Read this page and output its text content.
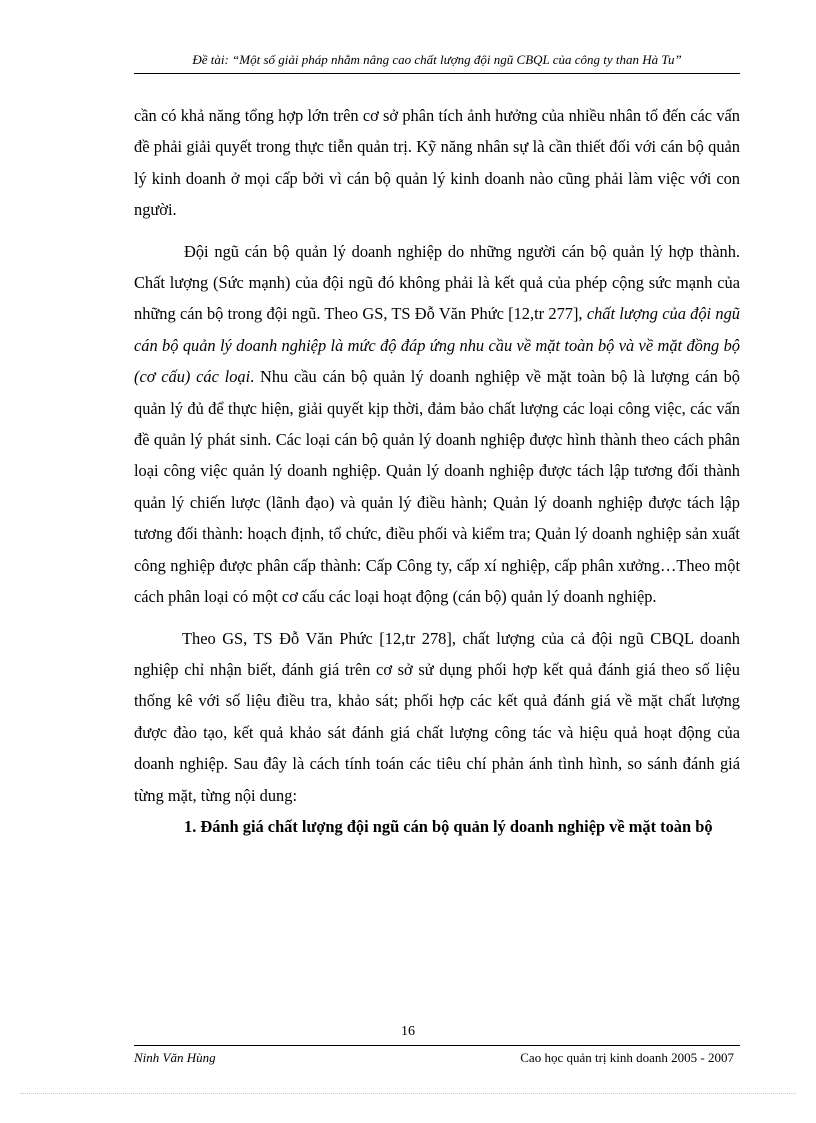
Đề tài: “Một số giải pháp nhằm nâng cao chất lượng đội ngũ CBQL của công ty than Hà Tu”

cần có khả năng tổng hợp lớn trên cơ sở phân tích ảnh hưởng của nhiều nhân tố đến các vấn đề phải giải quyết trong thực tiễn quản trị. Kỹ năng nhân sự là cần thiết đối với cán bộ quản lý kinh doanh ở mọi cấp bởi vì cán bộ quản lý kinh doanh nào cũng phải làm việc với con người.

Đội ngũ cán bộ quản lý doanh nghiệp do những người cán bộ quản lý hợp thành. Chất lượng (Sức mạnh) của đội ngũ đó không phải là kết quả của phép cộng sức mạnh của những cán bộ trong đội ngũ. Theo GS, TS Đỗ Văn Phức [12,tr 277], chất lượng của đội ngũ cán bộ quản lý doanh nghiệp là mức độ đáp ứng nhu cầu về mặt toàn bộ và về mặt đồng bộ (cơ cấu) các loại. Nhu cầu cán bộ quản lý doanh nghiệp về mặt toàn bộ là lượng cán bộ quản lý đủ để thực hiện, giải quyết kịp thời, đảm bảo chất lượng các loại công việc, các vấn đề quản lý phát sinh. Các loại cán bộ quản lý doanh nghiệp được hình thành theo cách phân loại công việc quản lý doanh nghiệp. Quản lý doanh nghiệp được tách lập tương đối thành quản lý chiến lược (lãnh đạo) và quản lý điều hành; Quản lý doanh nghiệp được tách lập tương đối thành: hoạch định, tổ chức, điều phối và kiểm tra; Quản lý doanh nghiệp sản xuất công nghiệp được phân cấp thành: Cấp Công ty, cấp xí nghiệp, cấp phân xưởng…Theo một cách phân loại có một cơ cấu các loại hoạt động (cán bộ) quản lý doanh nghiệp.

Theo GS, TS Đỗ Văn Phức [12,tr 278], chất lượng của cả đội ngũ CBQL doanh nghiệp chỉ nhận biết, đánh giá trên cơ sở sử dụng phối hợp kết quả đánh giá theo số liệu thống kê với số liệu điều tra, khảo sát; phối hợp các kết quả đánh giá về mặt chất lượng được đào tạo, kết quả khảo sát đánh giá chất lượng công tác và hiệu quả hoạt động của doanh nghiệp. Sau đây là cách tính toán các tiêu chí phản ánh tình hình, so sánh đánh giá từng mặt, từng nội dung:

1. Đánh giá chất lượng đội ngũ cán bộ quản lý doanh nghiệp về mặt toàn bộ

16
Ninh Văn Hùng	Cao học quản trị kinh doanh 2005 - 2007
